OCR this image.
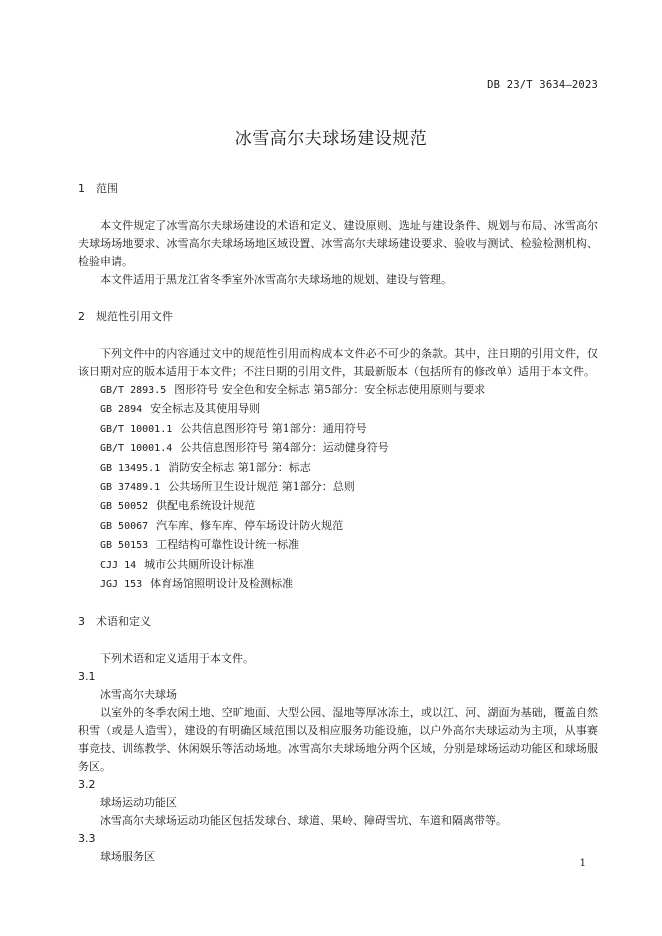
DB 23/T 3634—2023
冰雪高尔夫球场建设规范
1	范围

本文件规定了冰雪高尔夫球场建设的术语和定义、建设原则、选址与建设条件、规划与布局、冰雪高尔夫球场场地要求、冰雪高尔夫球场场地区域设置、冰雪高尔夫球场建设要求、验收与测试、检验检测机构、检验申请。

本文件适用于黑龙江省冬季室外冰雪高尔夫球场地的规划、建设与管理。

2	规范性引用文件

下列文件中的内容通过文中的规范性引用而构成本文件必不可少的条款。其中，注日期的引用文件，仅该日期对应的版本适用于本文件；不注日期的引用文件，其最新版本（包括所有的修改单）适用于本文件。

GB/T 2893.5 图形符号 安全色和安全标志 第5部分：安全标志使用原则与要求
GB 2894 安全标志及其使用导则
GB/T 10001.1 公共信息图形符号 第1部分：通用符号
GB/T 10001.4 公共信息图形符号 第4部分：运动健身符号
GB 13495.1 消防安全标志 第1部分：标志
GB 37489.1 公共场所卫生设计规范 第1部分：总则
GB 50052 供配电系统设计规范
GB 50067 汽车库、修车库、停车场设计防火规范
GB 50153 工程结构可靠性设计统一标准
CJJ 14 城市公共厕所设计标准
JGJ 153 体育场馆照明设计及检测标准
3	术语和定义

下列术语和定义适用于本文件。

3.1

冰雪高尔夫球场

以室外的冬季农闲土地、空旷地面、大型公园、湿地等厚冰冻土，或以江、河、湖面为基础，覆盖自然积雪（或是人造雪），建设的有明确区域范围以及相应服务功能设施，以户外高尔夫球运动为主项，从事赛事竞技、训练教学、休闲娱乐等活动场地。冰雪高尔夫球场地分两个区域，分别是球场运动功能区和球场服务区。

3.2

球场运动功能区

冰雪高尔夫球场运动功能区包括发球台、球道、果岭、障碍雪坑、车道和隔离带等。

3.3

球场服务区

1
